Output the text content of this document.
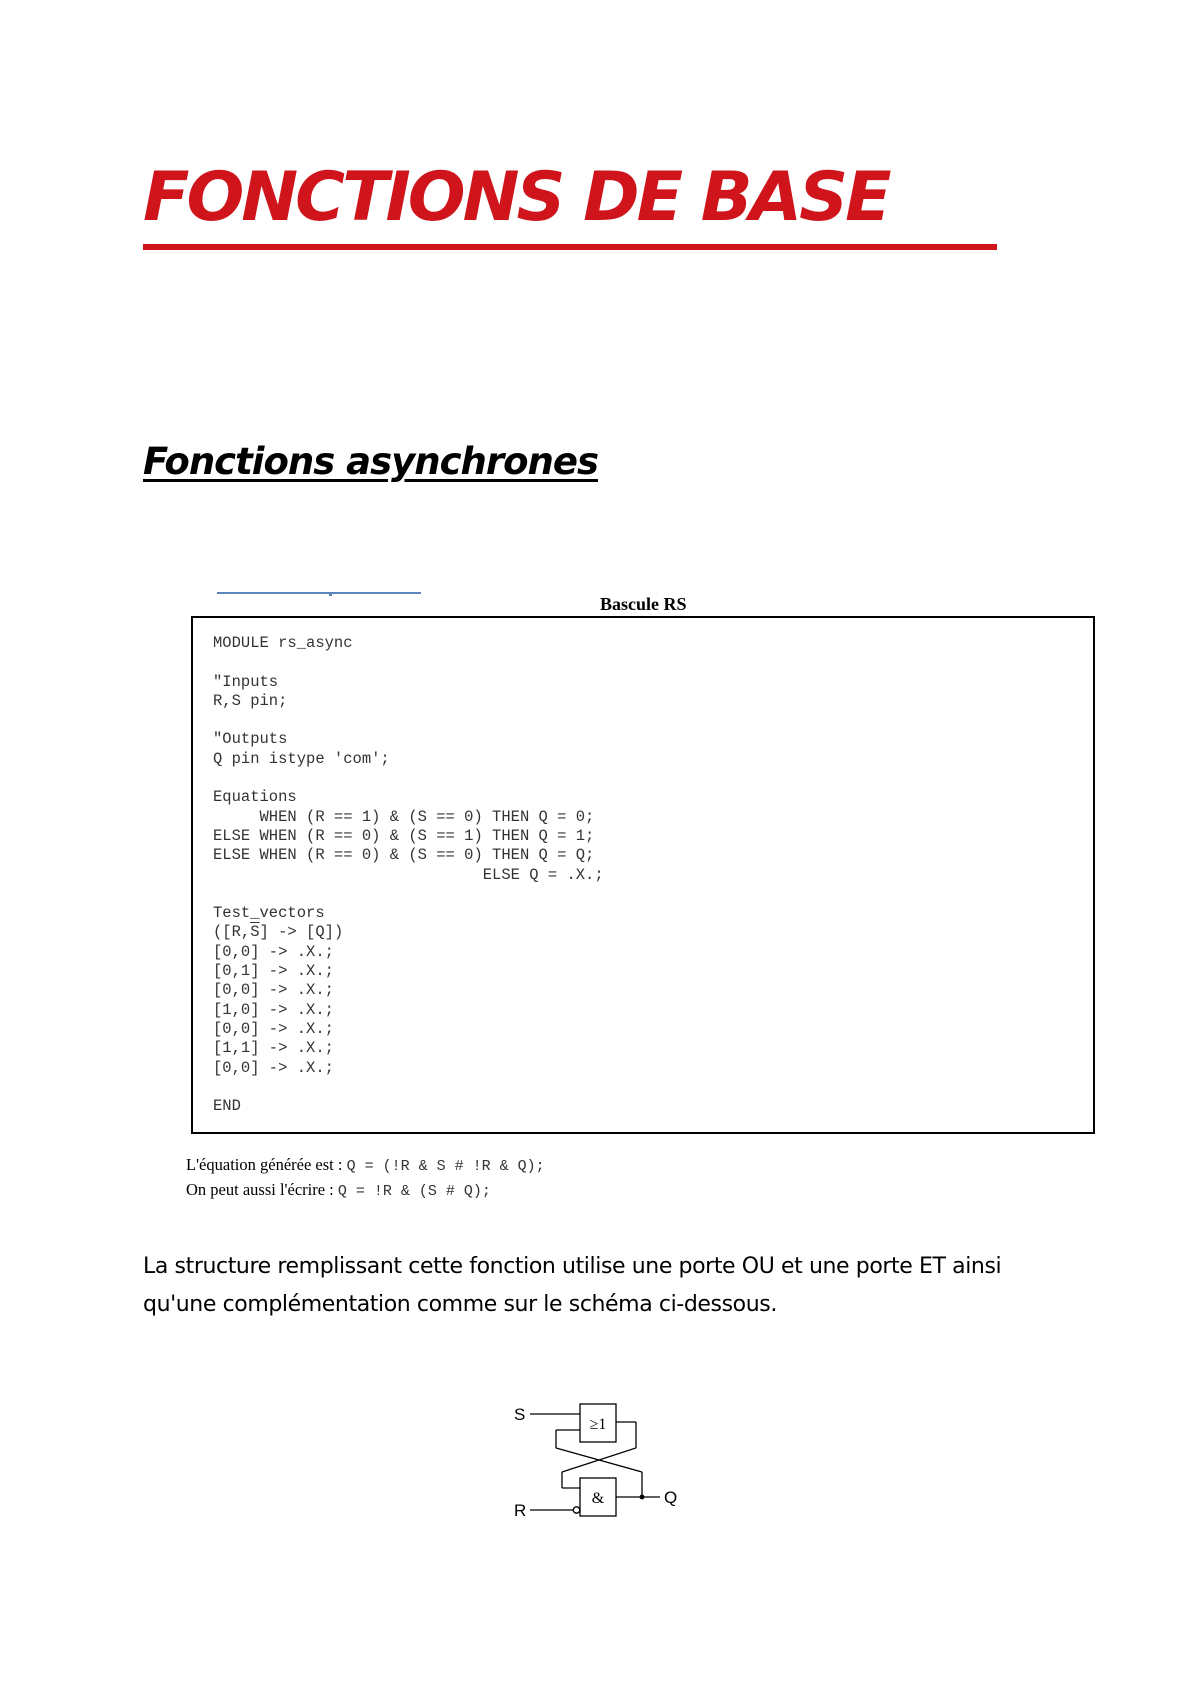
FONCTIONS DE BASE
Fonctions asynchrones
Bascule RS
MODULE rs_async

"Inputs
R,S pin;

"Outputs
Q pin istype 'com';

Equations
WHEN (R == 1) & (S == 0) THEN Q = 0;
ELSE WHEN (R == 0) & (S == 1) THEN Q = 1;
ELSE WHEN (R == 0) & (S == 0) THEN Q = Q;
ELSE Q = .X.;

Test_vectors
([R,S] -> [Q])
[0,0] -> .X.;
[0,1] -> .X.;
[0,0] -> .X.;
[1,0] -> .X.;
[0,0] -> .X.;
[1,1] -> .X.;
[0,0] -> .X.;

END
L'équation générée est : Q = (!R & S # !R & Q);
On peut aussi l'écrire : Q = !R & (S # Q);

La structure remplissant cette fonction utilise une porte OU et une porte ET ainsi qu'une complémentation comme sur le schéma ci-dessous.

S
R
Q
≥1
&
